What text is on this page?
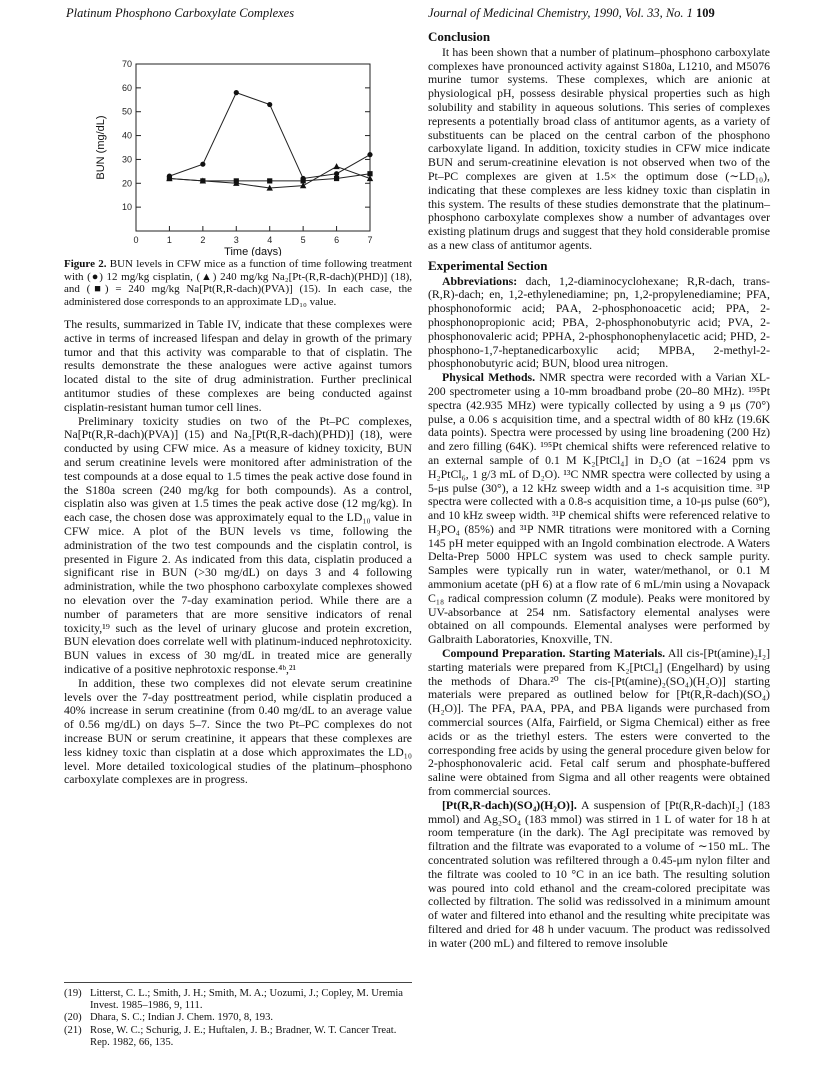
Platinum Phosphono Carboxylate Complexes	Journal of Medicinal Chemistry, 1990, Vol. 33, No. 1 109
10
20
30
40
50
60
70
0	1	2	3	4	5	6	7
Time (days)
BUN (mg/dL)
Figure 2. BUN levels in CFW mice as a function of time following treatment with (●) 12 mg/kg cisplatin, (▲) 240 mg/kg Na₂[Pt-(R,R-dach)(PHD)] (18), and (■) = 240 mg/kg Na[Pt(R,R-dach)(PVA)] (15). In each case, the administered dose corresponds to an approximate LD₁₀ value.

The results, summarized in Table IV, indicate that these complexes were active in terms of increased lifespan and delay in growth of the primary tumor and that this activity was comparable to that of cisplatin. The results demonstrate the these analogues were active against tumors located distal to the site of drug administration. Further preclinical antitumor studies of these complexes are being conducted against cisplatin-resistant human tumor cell lines.

Preliminary toxicity studies on two of the Pt–PC complexes, Na[Pt(R,R-dach)(PVA)] (15) and Na₂[Pt(R,R-dach)(PHD)] (18), were conducted by using CFW mice. As a measure of kidney toxicity, BUN and serum creatinine levels were monitored after administration of the test compounds at a dose equal to 1.5 times the peak active dose found in the S180a screen (240 mg/kg for both compounds). As a control, cisplatin also was given at 1.5 times the peak active dose (12 mg/kg). In each case, the chosen dose was approximately equal to the LD₁₀ value in CFW mice. A plot of the BUN levels vs time, following the administration of the two test compounds and the cisplatin control, is presented in Figure 2. As indicated from this data, cisplatin produced a significant rise in BUN (>30 mg/dL) on days 3 and 4 following administration, while the two phosphono carboxylate complexes showed no elevation over the 7-day examination period. While there are a number of parameters that are more sensitive indicators of renal toxicity,¹⁹ such as the level of urinary glucose and protein excretion, BUN elevation does correlate well with platinum-induced nephrotoxicity. BUN values in excess of 30 mg/dL in treated mice are generally indicative of a positive nephrotoxic response.⁴ᵇ,²¹

In addition, these two complexes did not elevate serum creatinine levels over the 7-day posttreatment period, while cisplatin produced a 40% increase in serum creatinine (from 0.40 mg/dL to an average value of 0.56 mg/dL) on days 5–7. Since the two Pt–PC complexes do not increase BUN or serum creatinine, it appears that these complexes are less kidney toxic than cisplatin at a dose which approximates the LD₁₀ level. More detailed toxicological studies of the platinum–phosphono carboxylate complexes are in progress.

(19) Litterst, C. L.; Smith, J. H.; Smith, M. A.; Uozumi, J.; Copley, M. Uremia Invest. 1985–1986, 9, 111.
(20) Dhara, S. C.; Indian J. Chem. 1970, 8, 193.
(21) Rose, W. C.; Schurig, J. E.; Huftalen, J. B.; Bradner, W. T. Cancer Treat. Rep. 1982, 66, 135.
Conclusion

It has been shown that a number of platinum–phosphono carboxylate complexes have pronounced activity against S180a, L1210, and M5076 murine tumor systems. These complexes, which are anionic at physiological pH, possess desirable physical properties such as high solubility and stability in aqueous solutions. This series of complexes represents a potentially broad class of antitumor agents, as a variety of substituents can be placed on the central carbon of the phosphono carboxylate ligand. In addition, toxicity studies in CFW mice indicate BUN and serum-creatinine elevation is not observed when two of the Pt–PC complexes are given at 1.5× the optimum dose (∼LD₁₀), indicating that these complexes are less kidney toxic than cisplatin in this system. The results of these studies demonstrate that the platinum–phosphono carboxylate complexes show a number of advantages over existing platinum drugs and suggest that they hold considerable promise as a new class of antitumor agents.

Experimental Section

Abbreviations: dach, 1,2-diaminocyclohexane; R,R-dach, trans-(R,R)-dach; en, 1,2-ethylenediamine; pn, 1,2-propylenediamine; PFA, phosphonoformic acid; PAA, 2-phosphonoacetic acid; PPA, 2-phosphonopropionic acid; PBA, 2-phosphonobutyric acid; PVA, 2-phosphonovaleric acid; PPHA, 2-phosphonophenylacetic acid; PHD, 2-phosphono-1,7-heptanedicarboxylic acid; MPBA, 2-methyl-2-phosphonobutyric acid; BUN, blood urea nitrogen.

Physical Methods. NMR spectra were recorded with a Varian XL-200 spectrometer using a 10-mm broadband probe (20–80 MHz). ¹⁹⁵Pt spectra (42.935 MHz) were typically collected by using a 9 μs (70°) pulse, a 0.06 s acquisition time, and a spectral width of 80 kHz (19.6K data points). Spectra were processed by using line broadening (200 Hz) and zero filling (64K). ¹⁹⁵Pt chemical shifts were referenced relative to an external sample of 0.1 M K₂[PtCl₄] in D₂O (at −1624 ppm vs H₂PtCl₆, 1 g/3 mL of D₂O). ¹³C NMR spectra were collected by using a 5-μs pulse (30°), a 12 kHz sweep width and a 1-s acquisition time. ³¹P spectra were collected with a 0.8-s acquisition time, a 10-μs pulse (60°), and 10 kHz sweep width. ³¹P chemical shifts were referenced relative to H₃PO₄ (85%) and ³¹P NMR titrations were monitored with a Corning 145 pH meter equipped with an Ingold combination electrode. A Waters Delta-Prep 5000 HPLC system was used to check sample purity. Samples were typically run in water, water/methanol, or 0.1 M ammonium acetate (pH 6) at a flow rate of 6 mL/min using a Novapack C₁₈ radical compression column (Z module). Peaks were monitored by UV-absorbance at 254 nm. Satisfactory elemental analyses were obtained on all compounds. Elemental analyses were performed by Galbraith Laboratories, Knoxville, TN.

Compound Preparation. Starting Materials. All cis-[Pt(amine)₂I₂] starting materials were prepared from K₂[PtCl₄] (Engelhard) by using the methods of Dhara.²⁰ The cis-[Pt(amine)₂(SO₄)(H₂O)] starting materials were prepared as outlined below for [Pt(R,R-dach)(SO₄)(H₂O)]. The PFA, PAA, PPA, and PBA ligands were purchased from commercial sources (Alfa, Fairfield, or Sigma Chemical) either as free acids or as the triethyl esters. The esters were converted to the corresponding free acids by using the general procedure given below for 2-phosphonovaleric acid. Fetal calf serum and phosphate-buffered saline were obtained from Sigma and all other reagents were obtained from commercial sources.

[Pt(R,R-dach)(SO₄)(H₂O)]. A suspension of [Pt(R,R-dach)I₂] (183 mmol) and Ag₂SO₄ (183 mmol) was stirred in 1 L of water for 18 h at room temperature (in the dark). The AgI precipitate was removed by filtration and the filtrate was evaporated to a volume of ∼150 mL. The concentrated solution was refiltered through a 0.45-μm nylon filter and the filtrate was cooled to 10 °C in an ice bath. The resulting solution was poured into cold ethanol and the cream-colored precipitate was collected by filtration. The solid was redissolved in a minimum amount of water and filtered into ethanol and the resulting white precipitate was filtered and dried for 48 h under vacuum. The product was redissolved in water (200 mL) and filtered to remove insoluble
